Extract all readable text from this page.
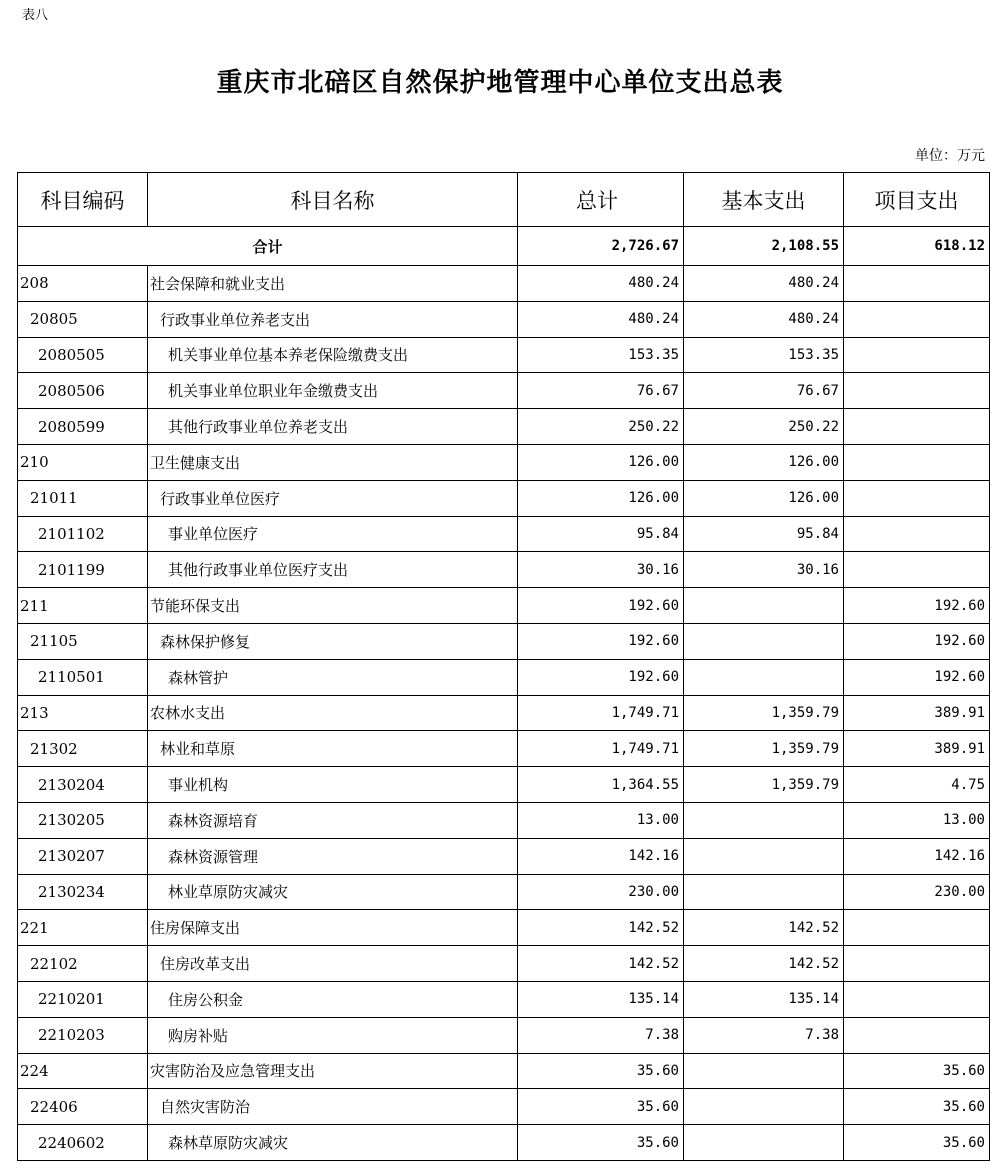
表八
重庆市北碚区自然保护地管理中心单位支出总表
单位：万元
科目编码	科目名称	总计	基本支出	项目支出
合计		2,726.67	2,108.55	618.12
208	社会保障和就业支出	480.24	480.24	
20805	行政事业单位养老支出	480.24	480.24	
2080505	机关事业单位基本养老保险缴费支出	153.35	153.35	
2080506	机关事业单位职业年金缴费支出	76.67	76.67	
2080599	其他行政事业单位养老支出	250.22	250.22	
210	卫生健康支出	126.00	126.00	
21011	行政事业单位医疗	126.00	126.00	
2101102	事业单位医疗	95.84	95.84	
2101199	其他行政事业单位医疗支出	30.16	30.16	
211	节能环保支出	192.60		192.60
21105	森林保护修复	192.60		192.60
2110501	森林管护	192.60		192.60
213	农林水支出	1,749.71	1,359.79	389.91
21302	林业和草原	1,749.71	1,359.79	389.91
2130204	事业机构	1,364.55	1,359.79	4.75
2130205	森林资源培育	13.00		13.00
2130207	森林资源管理	142.16		142.16
2130234	林业草原防灾减灾	230.00		230.00
221	住房保障支出	142.52	142.52	
22102	住房改革支出	142.52	142.52	
2210201	住房公积金	135.14	135.14	
2210203	购房补贴	7.38	7.38	
224	灾害防治及应急管理支出	35.60		35.60
22406	自然灾害防治	35.60		35.60
2240602	森林草原防灾减灾	35.60		35.60
